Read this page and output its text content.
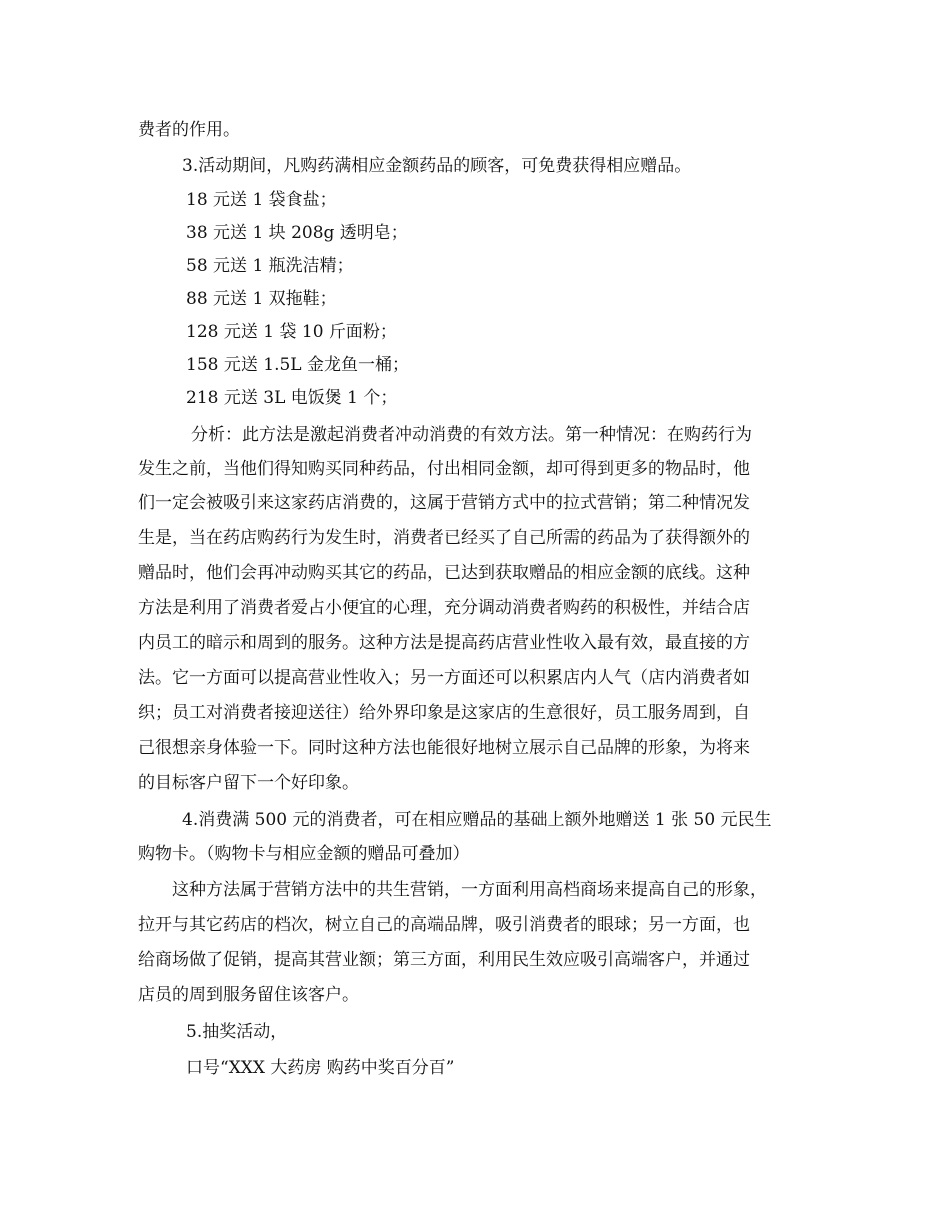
费者的作用。

3.活动期间，凡购药满相应金额药品的顾客，可免费获得相应赠品。

18 元送 1 袋食盐；

38 元送 1 块 208g 透明皂；

58 元送 1 瓶洗洁精；

88 元送 1 双拖鞋；

128 元送 1 袋 10 斤面粉；

158 元送 1.5L 金龙鱼一桶；

218 元送 3L 电饭煲 1 个；

分析：此方法是激起消费者冲动消费的有效方法。第一种情况：在购药行为

发生之前，当他们得知购买同种药品，付出相同金额，却可得到更多的物品时，他

们一定会被吸引来这家药店消费的，这属于营销方式中的拉式营销；第二种情况发

生是，当在药店购药行为发生时，消费者已经买了自己所需的药品为了获得额外的

赠品时，他们会再冲动购买其它的药品，已达到获取赠品的相应金额的底线。这种

方法是利用了消费者爱占小便宜的心理，充分调动消费者购药的积极性，并结合店

内员工的暗示和周到的服务。这种方法是提高药店营业性收入最有效，最直接的方

法。它一方面可以提高营业性收入；另一方面还可以积累店内人气（店内消费者如

织；员工对消费者接迎送往）给外界印象是这家店的生意很好，员工服务周到，自

己很想亲身体验一下。同时这种方法也能很好地树立展示自己品牌的形象，为将来

的目标客户留下一个好印象。

4.消费满 500 元的消费者，可在相应赠品的基础上额外地赠送 1 张 50 元民生

购物卡。（购物卡与相应金额的赠品可叠加）

这种方法属于营销方法中的共生营销，一方面利用高档商场来提高自己的形象，

拉开与其它药店的档次，树立自己的高端品牌，吸引消费者的眼球；另一方面，也

给商场做了促销，提高其营业额；第三方面，利用民生效应吸引高端客户，并通过

店员的周到服务留住该客户。

5.抽奖活动，

口号“XXX 大药房 购药中奖百分百”
